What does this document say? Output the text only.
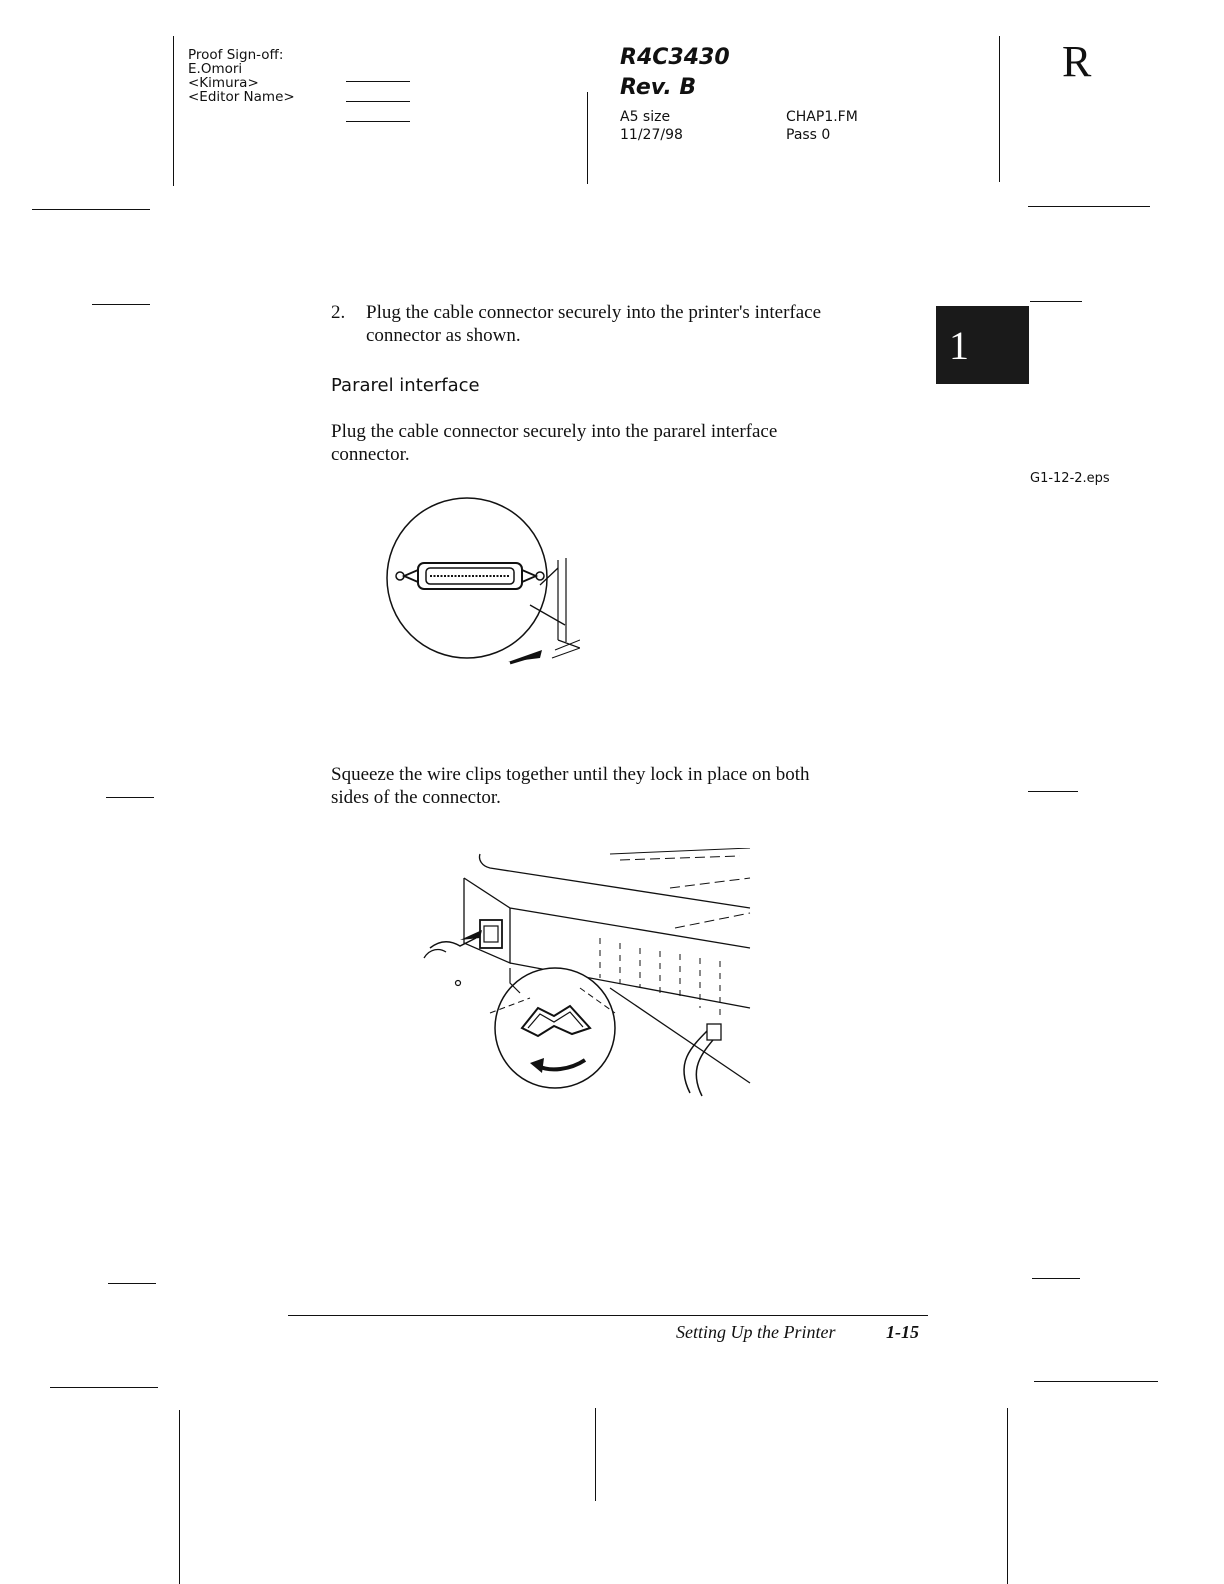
Proof Sign-off:
E.Omori
<Kimura>
<Editor Name>
R4C3430
Rev. B
A5 size
11/27/98
CHAP1.FM
Pass 0
R
1
2. Plug the cable connector securely into the printer's interface
connector as shown.
Pararel interface
Plug the cable connector securely into the pararel interface
connector.
G1-12-2.eps
Squeeze the wire clips together until they lock in place on both
sides of the connector.
Setting Up the Printer	1-15
